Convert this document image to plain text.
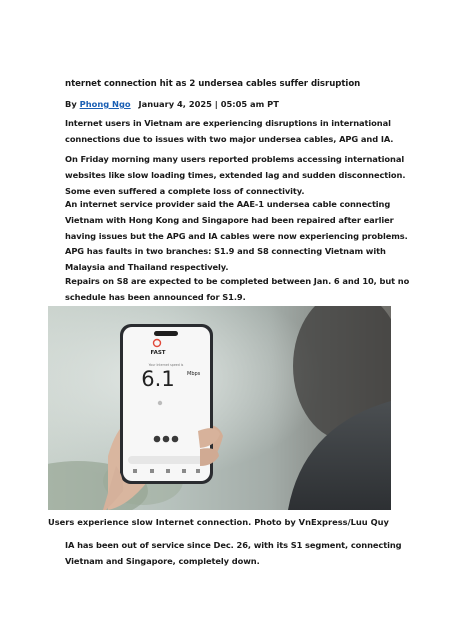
nternet connection hit as 2 undersea cables suffer disruption
By Phong Ngo January 4, 2025 | 05:05 am PT
Internet users in Vietnam are experiencing disruptions in international connections due to issues with two major undersea cables, APG and IA.
On Friday morning many users reported problems accessing international websites like slow loading times, extended lag and sudden disconnection. Some even suffered a complete loss of connectivity.
An internet service provider said the AAE-1 undersea cable connecting Vietnam with Hong Kong and Singapore had been repaired after earlier having issues but the APG and IA cables were now experiencing problems.
APG has faults in two branches: S1.9 and S8 connecting Vietnam with Malaysia and Thailand respectively.
Repairs on S8 are expected to be completed between Jan. 6 and 10, but no schedule has been announced for S1.9.
FAST
Your Internet speed is
6.1 Mbps
Users experience slow Internet connection. Photo by VnExpress/Luu Quy
IA has been out of service since Dec. 26, with its S1 segment, connecting Vietnam and Singapore, completely down.
